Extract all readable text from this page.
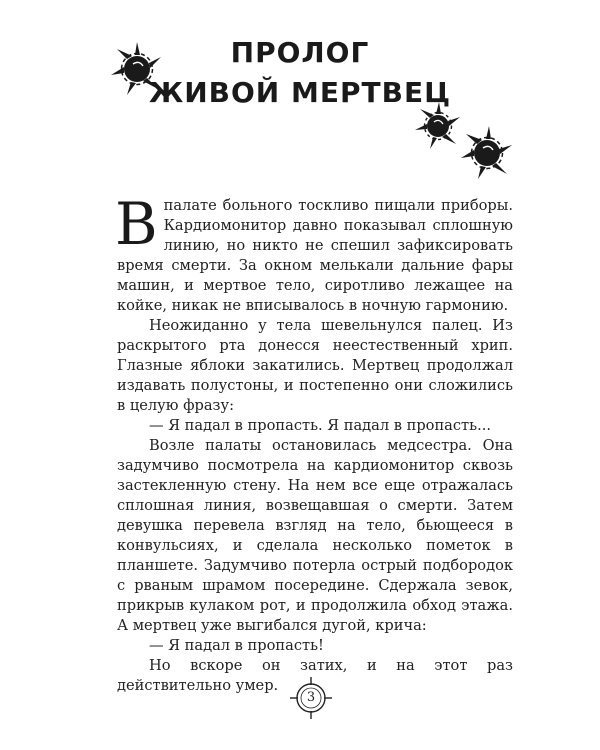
ПРОЛОГ
ЖИВОЙ МЕРТВЕЦ

В палате больного тоскливо пищали приборы. Кардиомонитор давно показывал сплошную линию, но никто не спешил зафиксировать время смерти. За окном мелькали дальние фары машин, и мертвое тело, сиротливо лежащее на койке, никак не вписывалось в ночную гармонию.

Неожиданно у тела шевельнулся палец. Из раскрытого рта донесся неестественный хрип. Глазные яблоки закатились. Мертвец продолжал издавать полустоны, и постепенно они сложились в целую фразу:

— Я падал в пропасть. Я падал в пропасть...

Возле палаты остановилась медсестра. Она задумчиво посмотрела на кардиомонитор сквозь застекленную стену. На нем все еще отражалась сплошная линия, возвещавшая о смерти. Затем девушка перевела взгляд на тело, бьющееся в конвульсиях, и сделала несколько пометок в планшете. Задумчиво потерла острый подбородок с рваным шрамом посередине. Сдержала зевок, прикрыв кулаком рот, и продолжила обход этажа. А мертвец уже выгибался дугой, крича:

— Я падал в пропасть!

Но вскоре он затих, и на этот раз действительно умер.

3
